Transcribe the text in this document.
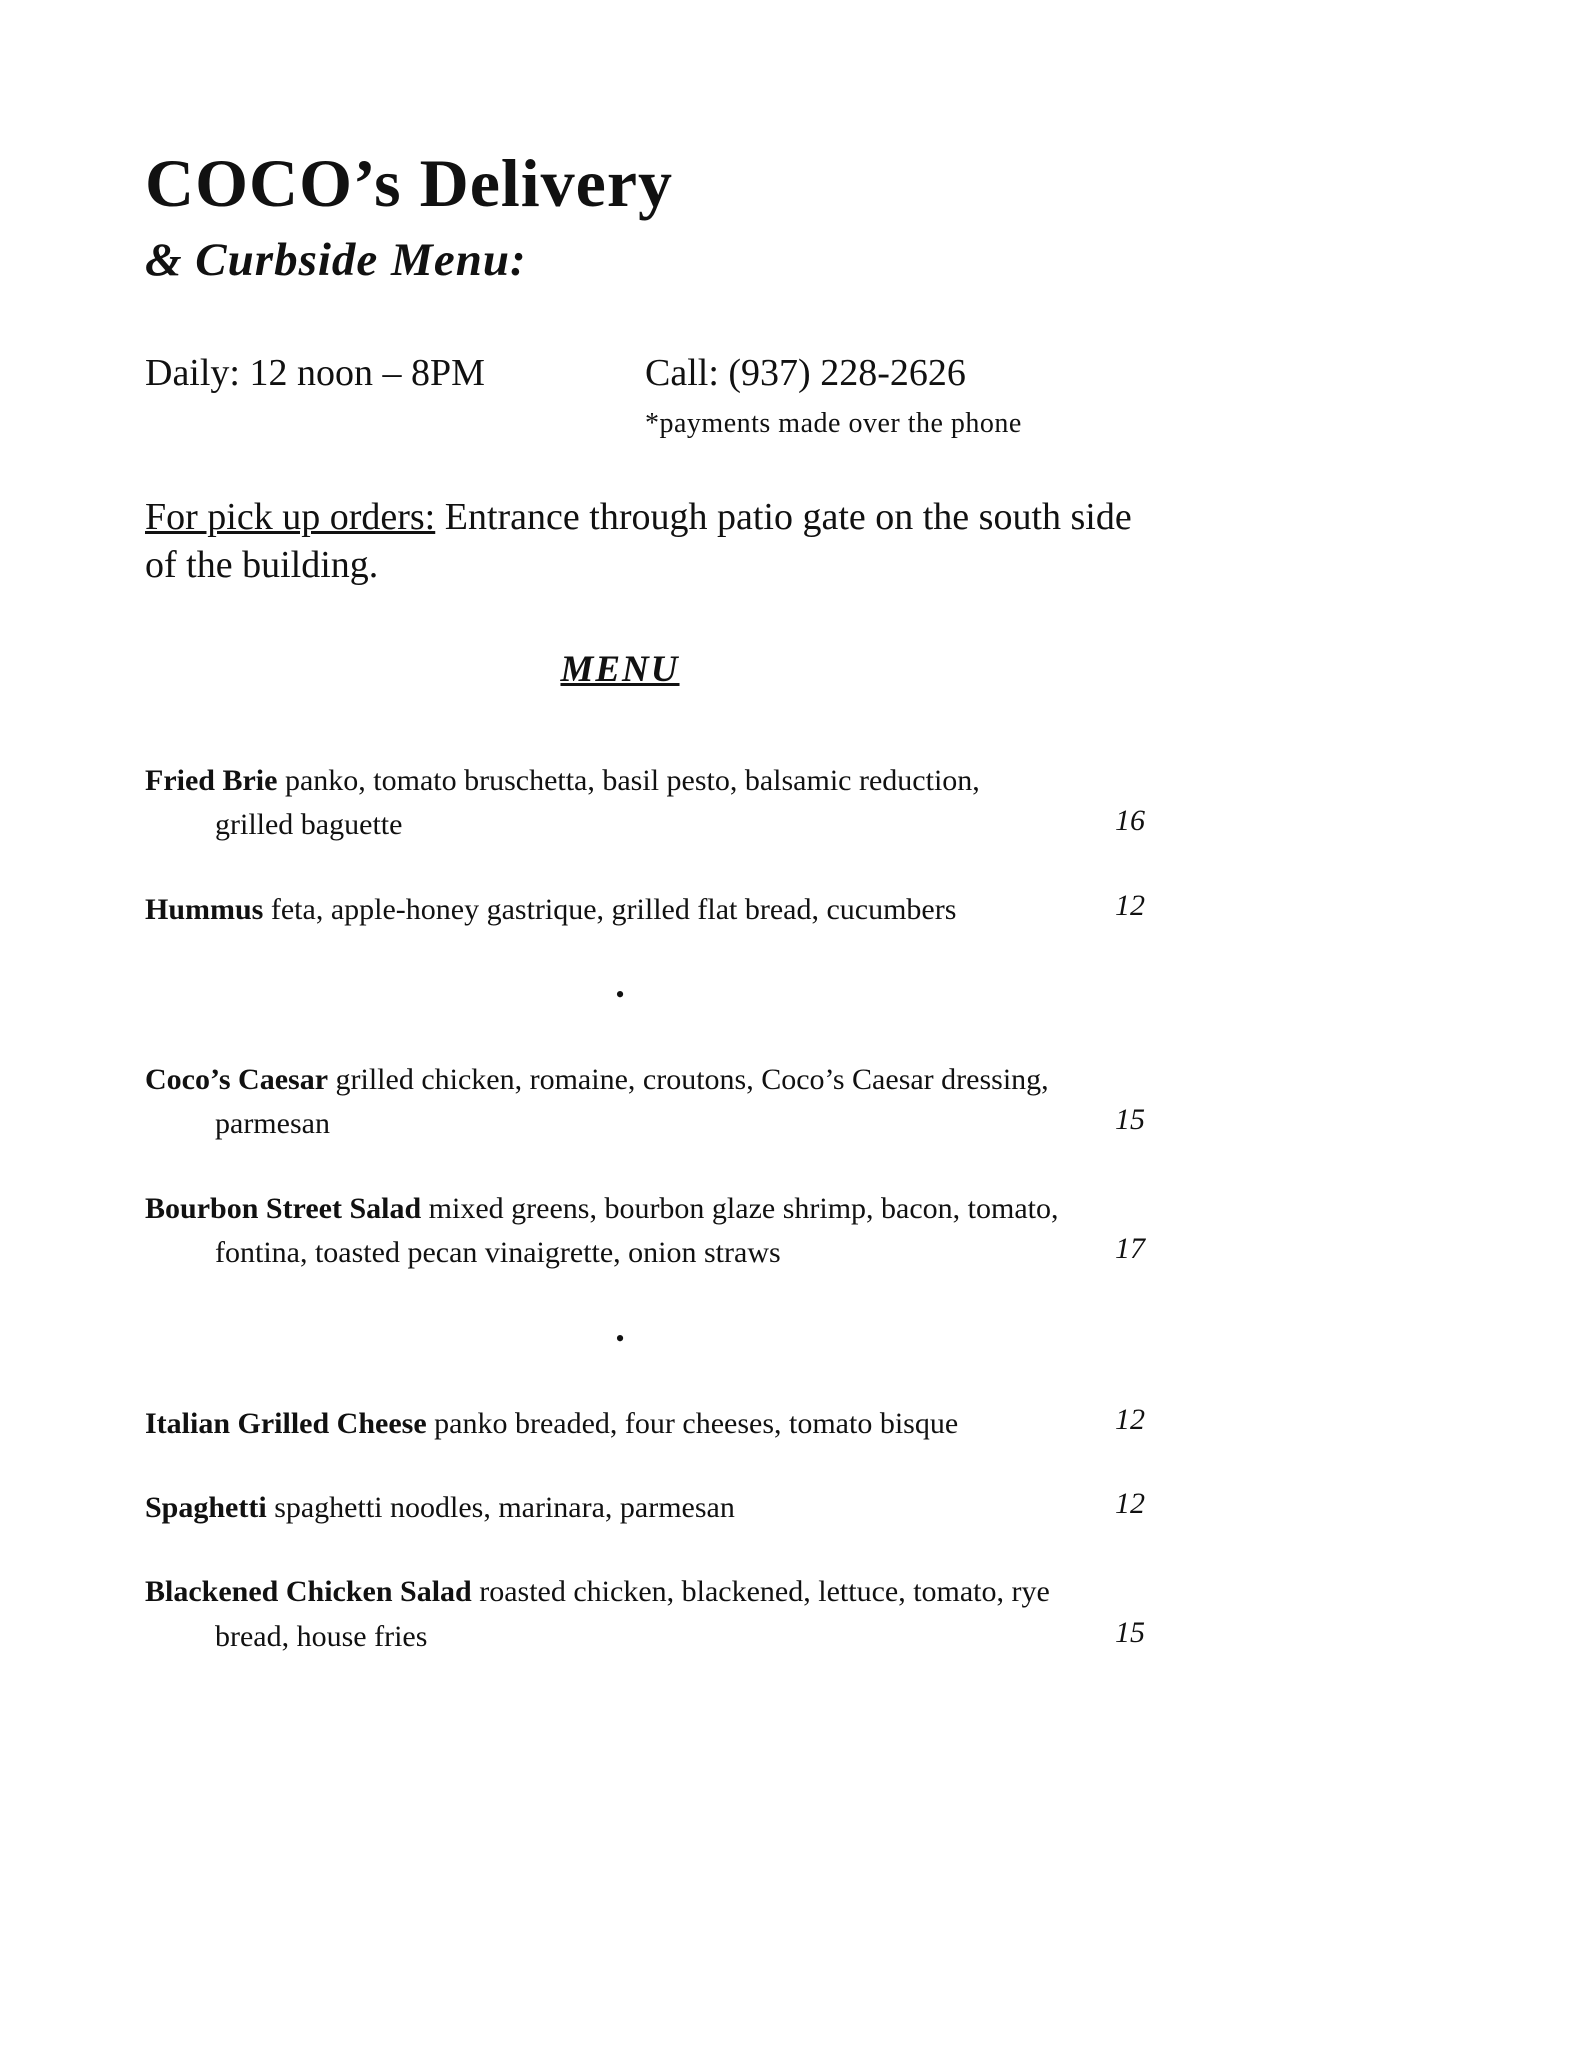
COCO’s Delivery
& Curbside Menu:
Daily: 12 noon – 8PM	Call: (937) 228-2626
*payments made over the phone

For pick up orders: Entrance through patio gate on the south side of the building.

MENU
Fried Brie panko, tomato bruschetta, basil pesto, balsamic reduction, grilled baguette	16
Hummus feta, apple-honey gastrique, grilled flat bread, cucumbers	12
•
Coco’s Caesar grilled chicken, romaine, croutons, Coco’s Caesar dressing, parmesan	15
Bourbon Street Salad mixed greens, bourbon glaze shrimp, bacon, tomato, fontina, toasted pecan vinaigrette, onion straws	17
•
Italian Grilled Cheese panko breaded, four cheeses, tomato bisque	12
Spaghetti spaghetti noodles, marinara, parmesan	12
Blackened Chicken Salad roasted chicken, blackened, lettuce, tomato, rye bread, house fries	15
